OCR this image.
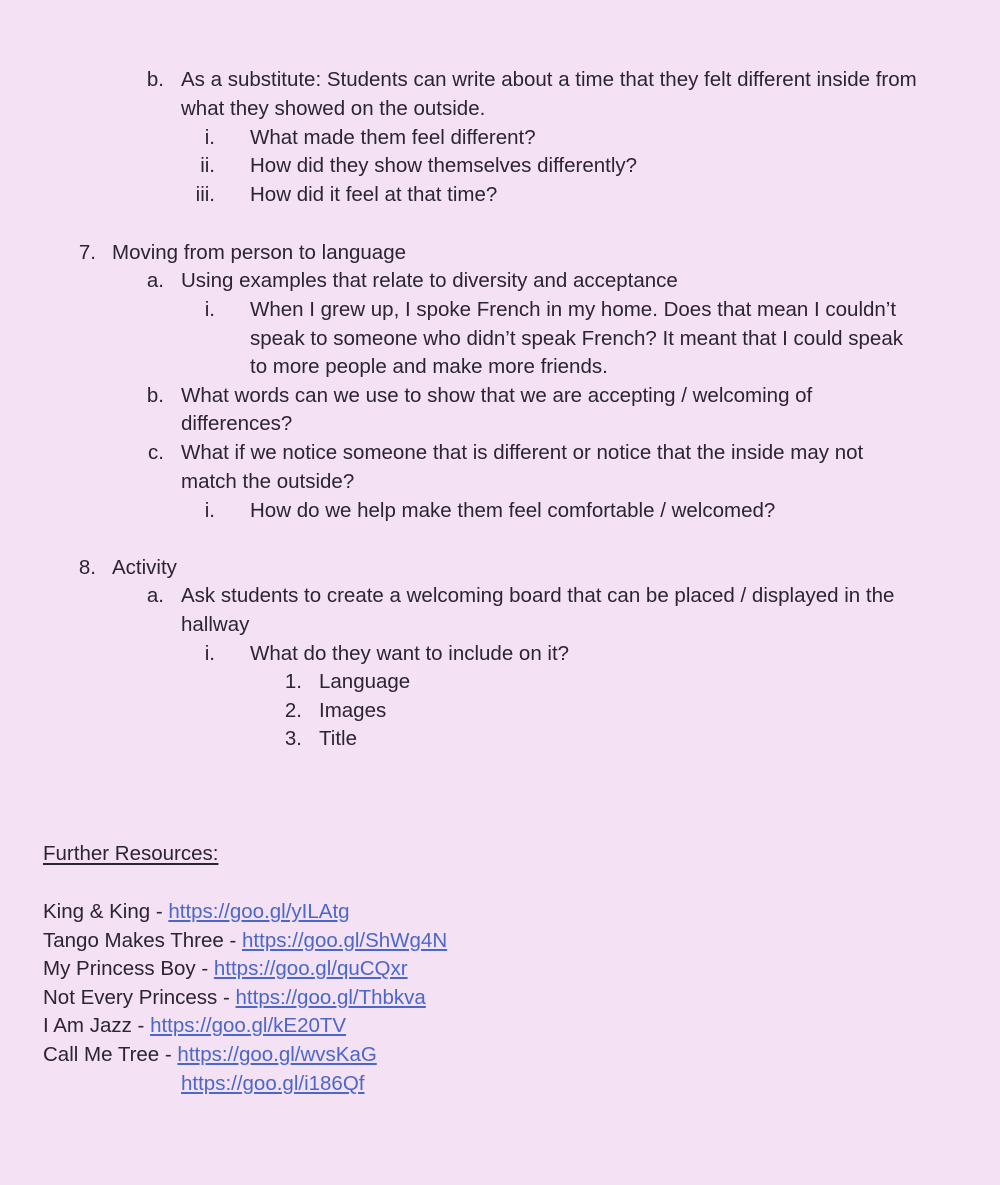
b. As a substitute: Students can write about a time that they felt different inside from
what they showed on the outside.
i. What made them feel different?
ii. How did they show themselves differently?
iii. How did it feel at that time?
7. Moving from person to language
a. Using examples that relate to diversity and acceptance
i. When I grew up, I spoke French in my home. Does that mean I couldn’t
speak to someone who didn’t speak French? It meant that I could speak
to more people and make more friends.
b. What words can we use to show that we are accepting / welcoming of
differences?
c. What if we notice someone that is different or notice that the inside may not
match the outside?
i. How do we help make them feel comfortable / welcomed?
8. Activity
a. Ask students to create a welcoming board that can be placed / displayed in the
hallway
i. What do they want to include on it?
1. Language
2. Images
3. Title
Further Resources:
King & King - https://goo.gl/yILAtg
Tango Makes Three - https://goo.gl/ShWg4N
My Princess Boy - https://goo.gl/quCQxr
Not Every Princess - https://goo.gl/Thbkva
I Am Jazz - https://goo.gl/kE20TV
Call Me Tree - https://goo.gl/wvsKaG
https://goo.gl/i186Qf
